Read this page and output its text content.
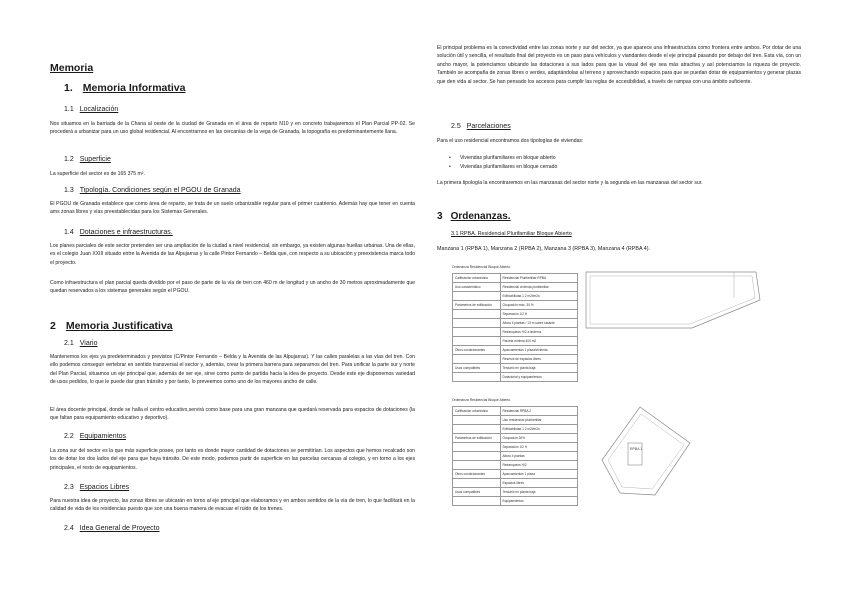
Memoria
1. Memoria Informativa
1.1 Localización

Nos situamos en la barriada de la Chana al oeste de la ciudad de Granada en el área de reparto N10 y en concreto trabajaremos el Plan Parcial PP-02. Se procederá a urbanizar para un uso global residencial. Al encontrarnos en las cercanías de la vega de Granada, la topografía es predominantemente llana.

1.2 Superficie

La superficie del sector es de 165 375 m².

1.3 Tipología. Condiciones según el PGOU de Granada

El PGOU de Granada establece que como área de reparto, se trata de un suelo urbanizable regular para el primer cuatrienio. Además hay que tener en cuenta ams zonas libres y vías preestablecidas para los Sistemas Generales.

1.4 Dotaciones e infraestructuras.

Los planes parciales de este sector pretenden ser una ampliación de la ciudad a nivel residencial, sin embargo, ya existen algunas huellas urbanas. Una de ellas, es el colegio Juan XXIII situado entre la Avenida de las Alpujarras y la calle Pintor Fernando – Belda que, con respecto a su ubicación y preexistencia marca todo el proyecto.

Como infraestructura el plan parcial queda dividido por el paso de parte de la vía de tren con 460 m de longitud y un ancho de 30 metros aproximadamente que quedan reservados a los sistemas generales según el PGOU.

2 Memoria Justificativa
2.1 Viario

Mantenemos los ejes ya predeterminados y previstos (C/Pintor Fernando – Belda y la Avenida de las Alpujarras). Y las calles paralelas a las vías del tren. Con ello podemos conseguir vertebrar en sentido transversal el sector y, además, crear la primera barrera para separarnos del tren. Para unificar la parte sur y norte del Plan Parcial, situamos un eje principal que, además de ser eje, sirve como punto de partida hacia la idea de proyecto. Desde este eje disponemos variedad de usos pedidos, lo que le puede dar gran tránsito y por tanto, lo preveemos como uno de los mayores ancho de calle.

El área docente principal, donde se halla el centro educativo,servirá como base para una gran manzana que quedará reservada para espacios de dotaciones (la que faltan para equipamiento educativo y deportivo).

2.2 Equipamientos

La zona sur del sector es la que más superficie posee, por tanto es donde mayor cantidad de dotaciones se permitirían. Los aspectos que hemos recalcado son los de dotar los dos lados del eje para que haya tránsito. De este modo, podemos partir de superficie en las parcelas cercanas al colegio, y en torno a los ejes principales, el resto de equipamientos.

2.3 Espacios Libres

Para nuestra idea de proyecto, las zonas libres se ubicarán en torno al eje principal que elaboramos y en ambos sentidos de la vía de tren, lo que facilitará en la calidad de vida de los residencias puesto que son una buena manera de evacuar el ruido de los trenes.

2.4 Idea General de Proyecto

El principal problema es la conectividad entre las zonas norte y sur del sector, ya que aparece una infraestructura como frontera entre ambos. Por dotar de una solución útil y sencilla, el resultado final del proyecto es un paso para vehículos y viandantes desde el eje principal pasando por debajo del tren. Esta vía, con un ancho mayor, la potenciamos ubicando las dotaciones a sus lados para que la visual del eje sea más atractiva y así potenciamos la riqueza de proyecto. También se acompaña de zonas libres o verdes, adaptándolas al terreno y aprovechando espacios para que se puedan dotar de equipamientos y generar plazas que den vida al sector. Se han pensado los accesos para cumplir las reglas de accesibilidad, a través de rampas con una ámbito suficiente.

2.5 Parcelaciones

Para el uso residencial encontramos dos tipologías de viviendas:

• Viviendas plurifamiliares en bloque abierto
• Viviendas plurifamiliares en bloque cerrado

La primera tipología la encontraremos en las manzanas del sector norte y la segunda en las manzanas del sector sur.

3 Ordenanzas.
3.1 RPBA. Residencial Plurifamiliar Bloque Abierto
Manzana 1 (RPBA 1), Manzana 2 (RPBA 2), Manzana 3 (RPBA 3), Manzana 4 (RPBA 4).
Ordenanza Residencial Bloque Abierto
Calificación urbanística	Residencial Plurifamiliar RPBA
Uso característico	Residencial vivienda plurifamiliar
	Edificabilidad 1,2 m2t/m2s
Parámetros de edificación	Ocupación máx. 30 %
	Separación 1/2 H
	Altura 4 plantas / 13 m sobre rasante
	Retranqueos H/2 a linderos
	Parcela mínima 400 m2
Otros condicionantes	Aparcamientos 1 plaza/vivienda
	Reserva de espacios libres
Usos compatibles	Terciario en planta baja
	Dotacional y equipamientos
Ordenanza Residencial Bloque Abierto
Calificación urbanística	Residencial RPBA 2
	Uso residencial plurifamiliar
	Edificabilidad 1,2 m2t/m2s
Parámetros de edificación	Ocupación 30%
	Separación 1/2 H
	Altura 4 plantas
	Retranqueos H/2
Otros condicionantes	Aparcamientos 1 plaza
	Espacios libres
Usos compatibles	Terciario en planta baja
	Equipamientos
RPBA 1
